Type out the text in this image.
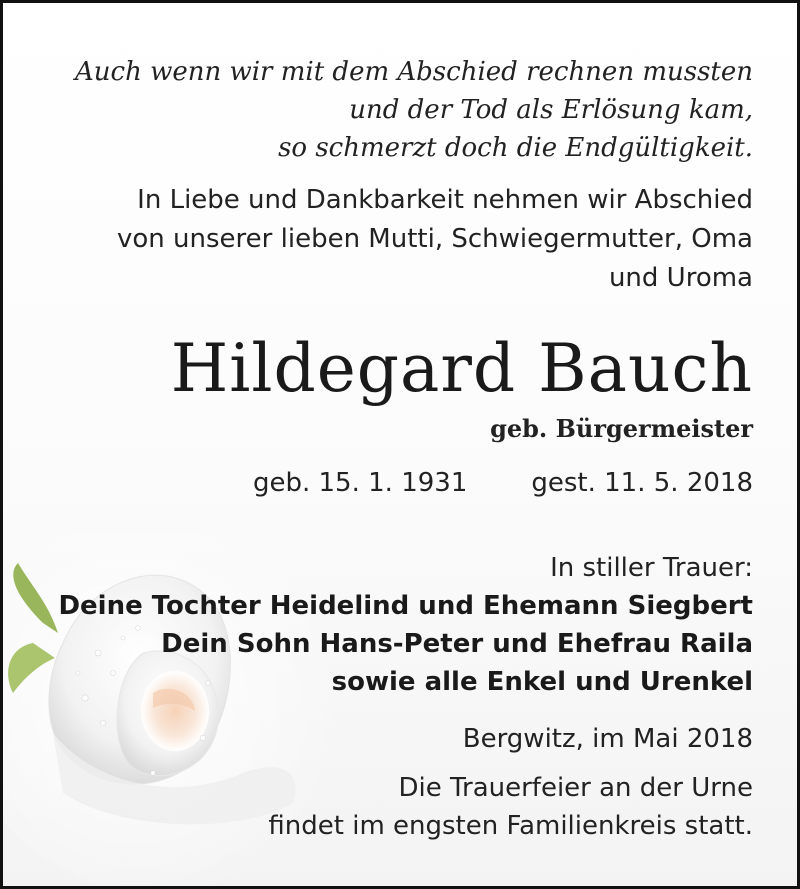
Auch wenn wir mit dem Abschied rechnen mussten
und der Tod als Erlösung kam,
so schmerzt doch die Endgültigkeit.
In Liebe und Dankbarkeit nehmen wir Abschied
von unserer lieben Mutti, Schwiegermutter, Oma
und Uroma
Hildegard Bauch
geb. Bürgermeister
geb. 15. 1. 1931 gest. 11. 5. 2018
In stiller Trauer:
Deine Tochter Heidelind und Ehemann Siegbert
Dein Sohn Hans-Peter und Ehefrau Raila
sowie alle Enkel und Urenkel
Bergwitz, im Mai 2018
Die Trauerfeier an der Urne
findet im engsten Familienkreis statt.
